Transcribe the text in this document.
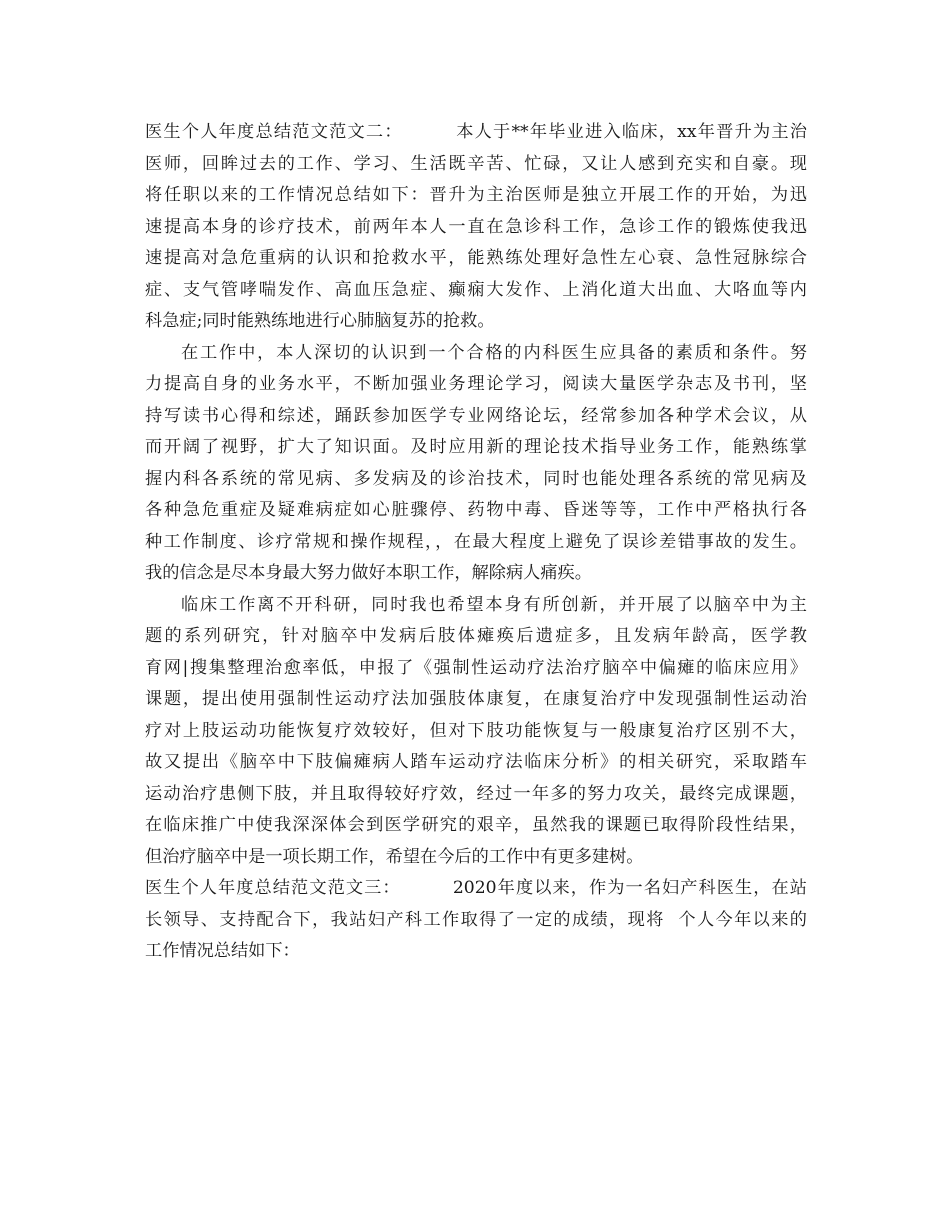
医生个人年度总结范文范文二：        本人于**年毕业进入临床，xx年晋升为主治
医师，回眸过去的工作、学习、生活既辛苦、忙碌，又让人感到充实和自豪。现
将任职以来的工作情况总结如下：晋升为主治医师是独立开展工作的开始，为迅
速提高本身的诊疗技术，前两年本人一直在急诊科工作，急诊工作的锻炼使我迅
速提高对急危重病的认识和抢救水平，能熟练处理好急性左心衰、急性冠脉综合
症、支气管哮喘发作、高血压急症、癫痫大发作、上消化道大出血、大咯血等内
科急症;同时能熟练地进行心肺脑复苏的抢救。
在工作中，本人深切的认识到一个合格的内科医生应具备的素质和条件。努
力提高自身的业务水平，不断加强业务理论学习，阅读大量医学杂志及书刊，坚
持写读书心得和综述，踊跃参加医学专业网络论坛，经常参加各种学术会议，从
而开阔了视野，扩大了知识面。及时应用新的理论技术指导业务工作，能熟练掌
握内科各系统的常见病、多发病及的诊治技术，同时也能处理各系统的常见病及
各种急危重症及疑难病症如心脏骤停、药物中毒、昏迷等等，工作中严格执行各
种工作制度、诊疗常规和操作规程，，在最大程度上避免了误诊差错事故的发生。
我的信念是尽本身最大努力做好本职工作，解除病人痛疾。
临床工作离不开科研，同时我也希望本身有所创新，并开展了以脑卒中为主
题的系列研究，针对脑卒中发病后肢体瘫痪后遗症多，且发病年龄高，医学教
育网|搜集整理治愈率低，申报了《强制性运动疗法治疗脑卒中偏瘫的临床应用》
课题，提出使用强制性运动疗法加强肢体康复，在康复治疗中发现强制性运动治
疗对上肢运动功能恢复疗效较好，但对下肢功能恢复与一般康复治疗区别不大，
故又提出《脑卒中下肢偏瘫病人踏车运动疗法临床分析》的相关研究，采取踏车
运动治疗患侧下肢，并且取得较好疗效，经过一年多的努力攻关，最终完成课题，
在临床推广中使我深深体会到医学研究的艰辛，虽然我的课题已取得阶段性结果，
但治疗脑卒中是一项长期工作，希望在今后的工作中有更多建树。
医生个人年度总结范文范文三：        2020年度以来，作为一名妇产科医生，在站
长领导、支持配合下，我站妇产科工作取得了一定的成绩，现将  个人今年以来的
工作情况总结如下：
